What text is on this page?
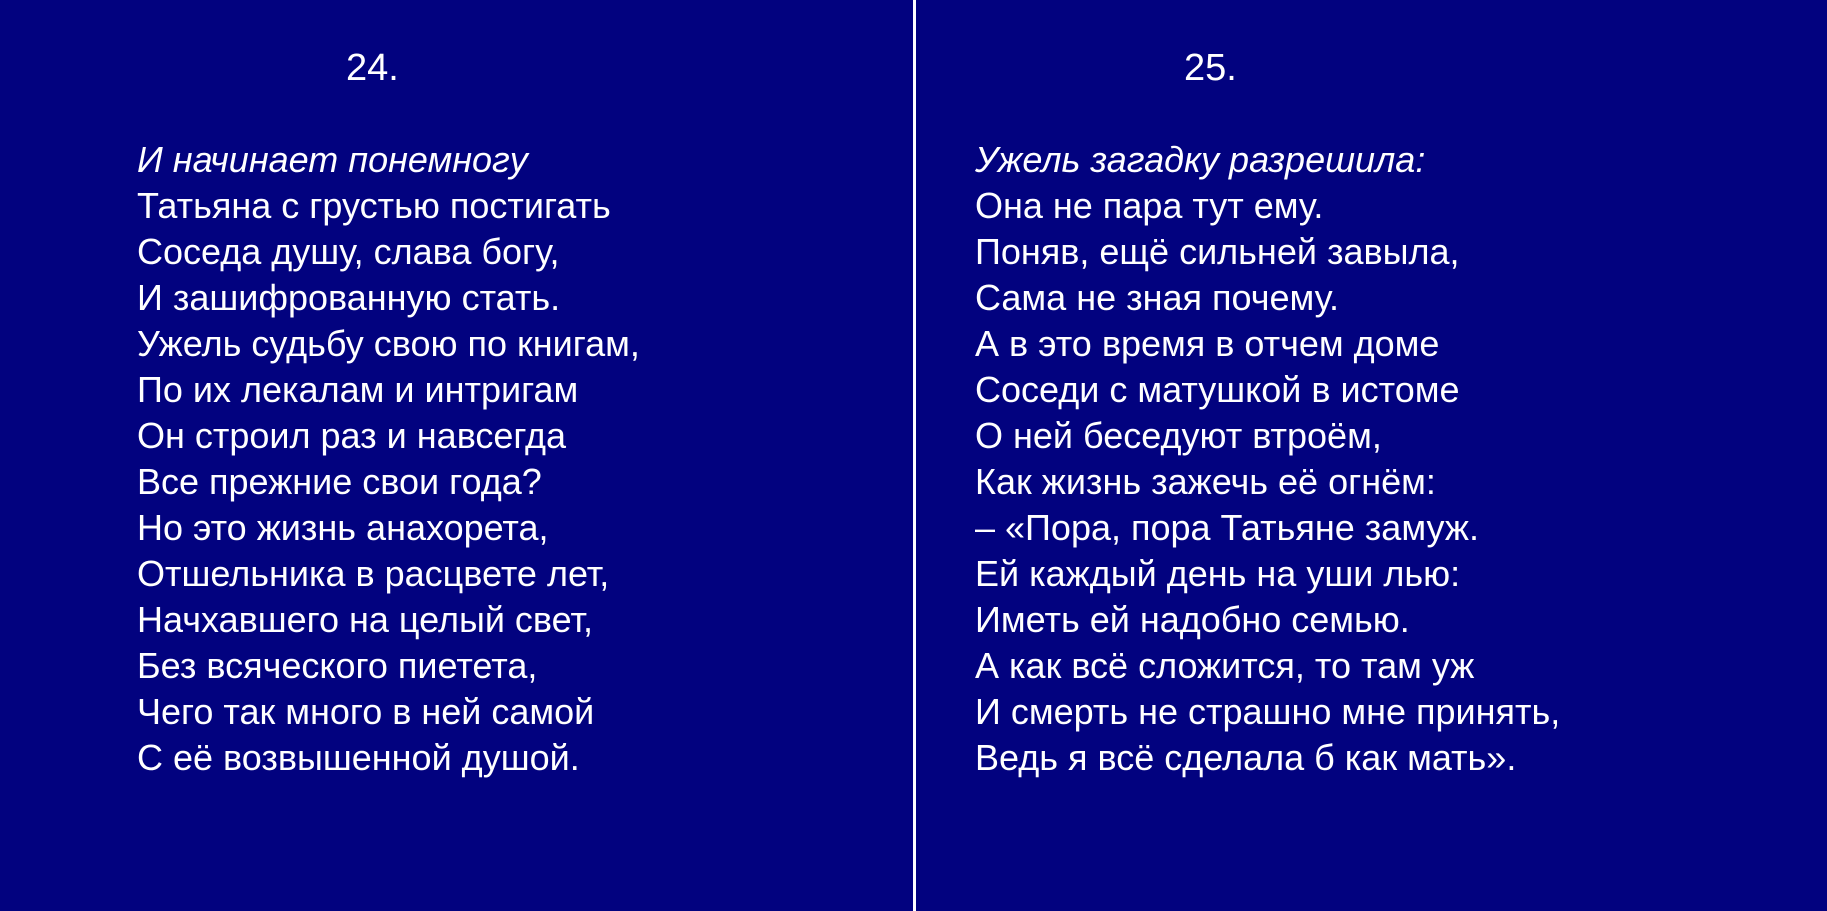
24.
И начинает понемногу
Татьяна с грустью постигать
Соседа душу, слава богу,
И зашифрованную стать.
Ужель судьбу свою по книгам,
По их лекалам и интригам
Он строил раз и навсегда
Все прежние свои года?
Но это жизнь анахорета,
Отшельника в расцвете лет,
Начхавшего на целый свет,
Без всяческого пиетета,
Чего так много в ней самой
С её возвышенной душой.
25.
Ужель загадку разрешила:
Она не пара тут ему.
Поняв, ещё сильней завыла,
Сама не зная почему.
А в это время в отчем доме
Соседи с матушкой в истоме
О ней беседуют втроём,
Как жизнь зажечь её огнём:
– «Пора, пора Татьяне замуж.
Ей каждый день на уши лью:
Иметь ей надобно семью.
А как всё сложится, то там уж
И смерть не страшно мне принять,
Ведь я всё сделала б как мать».
